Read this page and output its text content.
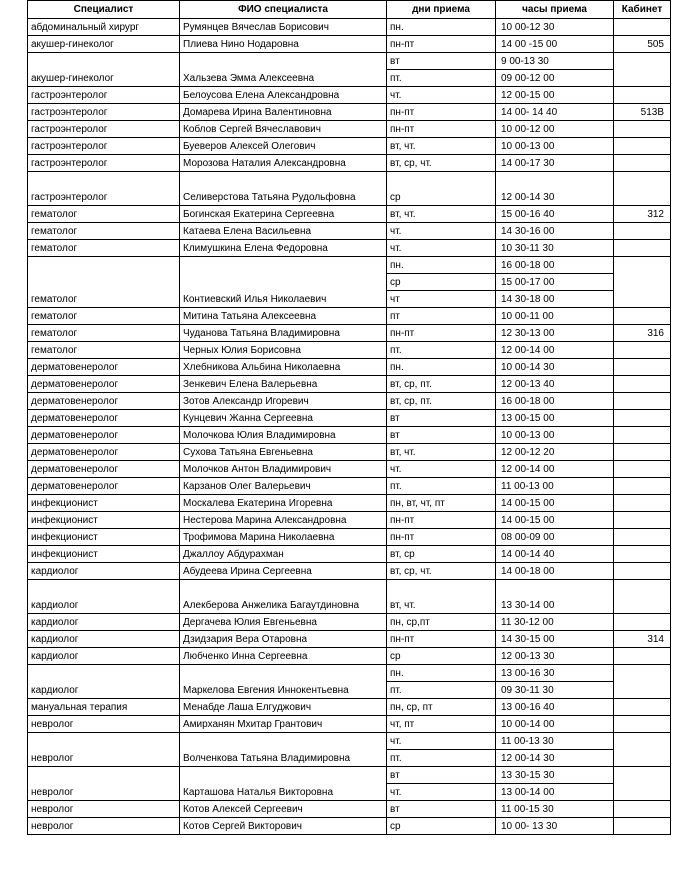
Специалист	ФИО специалиста	дни приема	часы приема	Кабинет
абдоминальный хирург	Румянцев Вячеслав Борисович	пн.	10 00-12 30	
акушер-гинеколог	Плиева Нино Нодаровна	пн-пт	14 00 -15 00	505
акушер-гинеколог	Хальзева Эмма Алексеевна	вт	9 00-13 30	
		пт.	09 00-12 00	
гастроэнтеролог	Белоусова Елена Александровна	чт.	12 00-15 00	
гастроэнтеролог	Домарева Ирина Валентиновна	пн-пт	14 00- 14 40	513В
гастроэнтеролог	Коблов Сергей Вячеславович	пн-пт	10 00-12 00	
гастроэнтеролог	Буеверов Алексей Олегович	вт, чт.	10 00-13 00	
гастроэнтеролог	Морозова Наталия Александровна	вт, ср, чт.	14 00-17 30	
гастроэнтеролог	Селиверстова Татьяна Рудольфовна	ср	12 00-14 30	
гематолог	Богинская Екатерина Сергеевна	вт, чт.	15 00-16 40	312
гематолог	Катаева Елена Васильевна	чт.	14 30-16 00	
гематолог	Климушкина Елена Федоровна	чт.	10 30-11 30	
гематолог	Контиевский Илья Николаевич	пн.	16 00-18 00	
		ср	15 00-17 00	
		чт	14 30-18 00	
гематолог	Митина Татьяна Алексеевна	пт	10 00-11 00	
гематолог	Чуданова Татьяна Владимировна	пн-пт	12 30-13 00	316
гематолог	Черных Юлия Борисовна	пт.	12 00-14 00	
дерматовенеролог	Хлебникова Альбина Николаевна	пн.	10 00-14 30	
дерматовенеролог	Зенкевич Елена Валерьевна	вт, ср, пт.	12 00-13 40	
дерматовенеролог	Зотов Александр Игоревич	вт, ср, пт.	16 00-18 00	
дерматовенеролог	Кунцевич Жанна Сергеевна	вт	13 00-15 00	
дерматовенеролог	Молочкова Юлия Владимировна	вт	10 00-13 00	
дерматовенеролог	Сухова Татьяна Евгеньевна	вт, чт.	12 00-12 20	
дерматовенеролог	Молочков Антон Владимирович	чт.	12 00-14 00	
дерматовенеролог	Карзанов Олег Валерьевич	пт.	11 00-13 00	
инфекционист	Москалева Екатерина Игоревна	пн, вт, чт, пт	14 00-15 00	
инфекционист	Нестерова Марина Александровна	пн-пт	14 00-15 00	
инфекционист	Трофимова Марина Николаевна	пн-пт	08 00-09 00	
инфекционист	Джаллоу Абдурахман	вт, ср	14 00-14 40	
кардиолог	Абудеева Ирина Сергеевна	вт, ср, чт.	14 00-18 00	
кардиолог	Алекберова Анжелика Багаутдиновна	вт, чт.	13 30-14 00	
кардиолог	Дергачева Юлия Евгеньевна	пн, ср,пт	11 30-12 00	
кардиолог	Дзидзария Вера Отаровна	пн-пт	14 30-15 00	314
кардиолог	Любченко Инна Сергеевна	ср	12 00-13 30	
кардиолог	Маркелова Евгения Иннокентьевна	пн.	13 00-16 30	
		пт.	09 30-11 30	
мануальная терапия	Менабде Лаша Елгуджович	пн, ср, пт	13 00-16 40	
невролог	Амирханян Мхитар Грантович	чт, пт	10 00-14 00	
невролог	Волченкова Татьяна Владимировна	чт.	11 00-13 30	
		пт.	12 00-14 30	
невролог	Карташова Наталья Викторовна	вт	13 30-15 30	
		чт.	13 00-14 00	
невролог	Котов Алексей Сергеевич	вт	11 00-15 30	
невролог	Котов Сергей Викторович	ср	10 00- 13 30	
